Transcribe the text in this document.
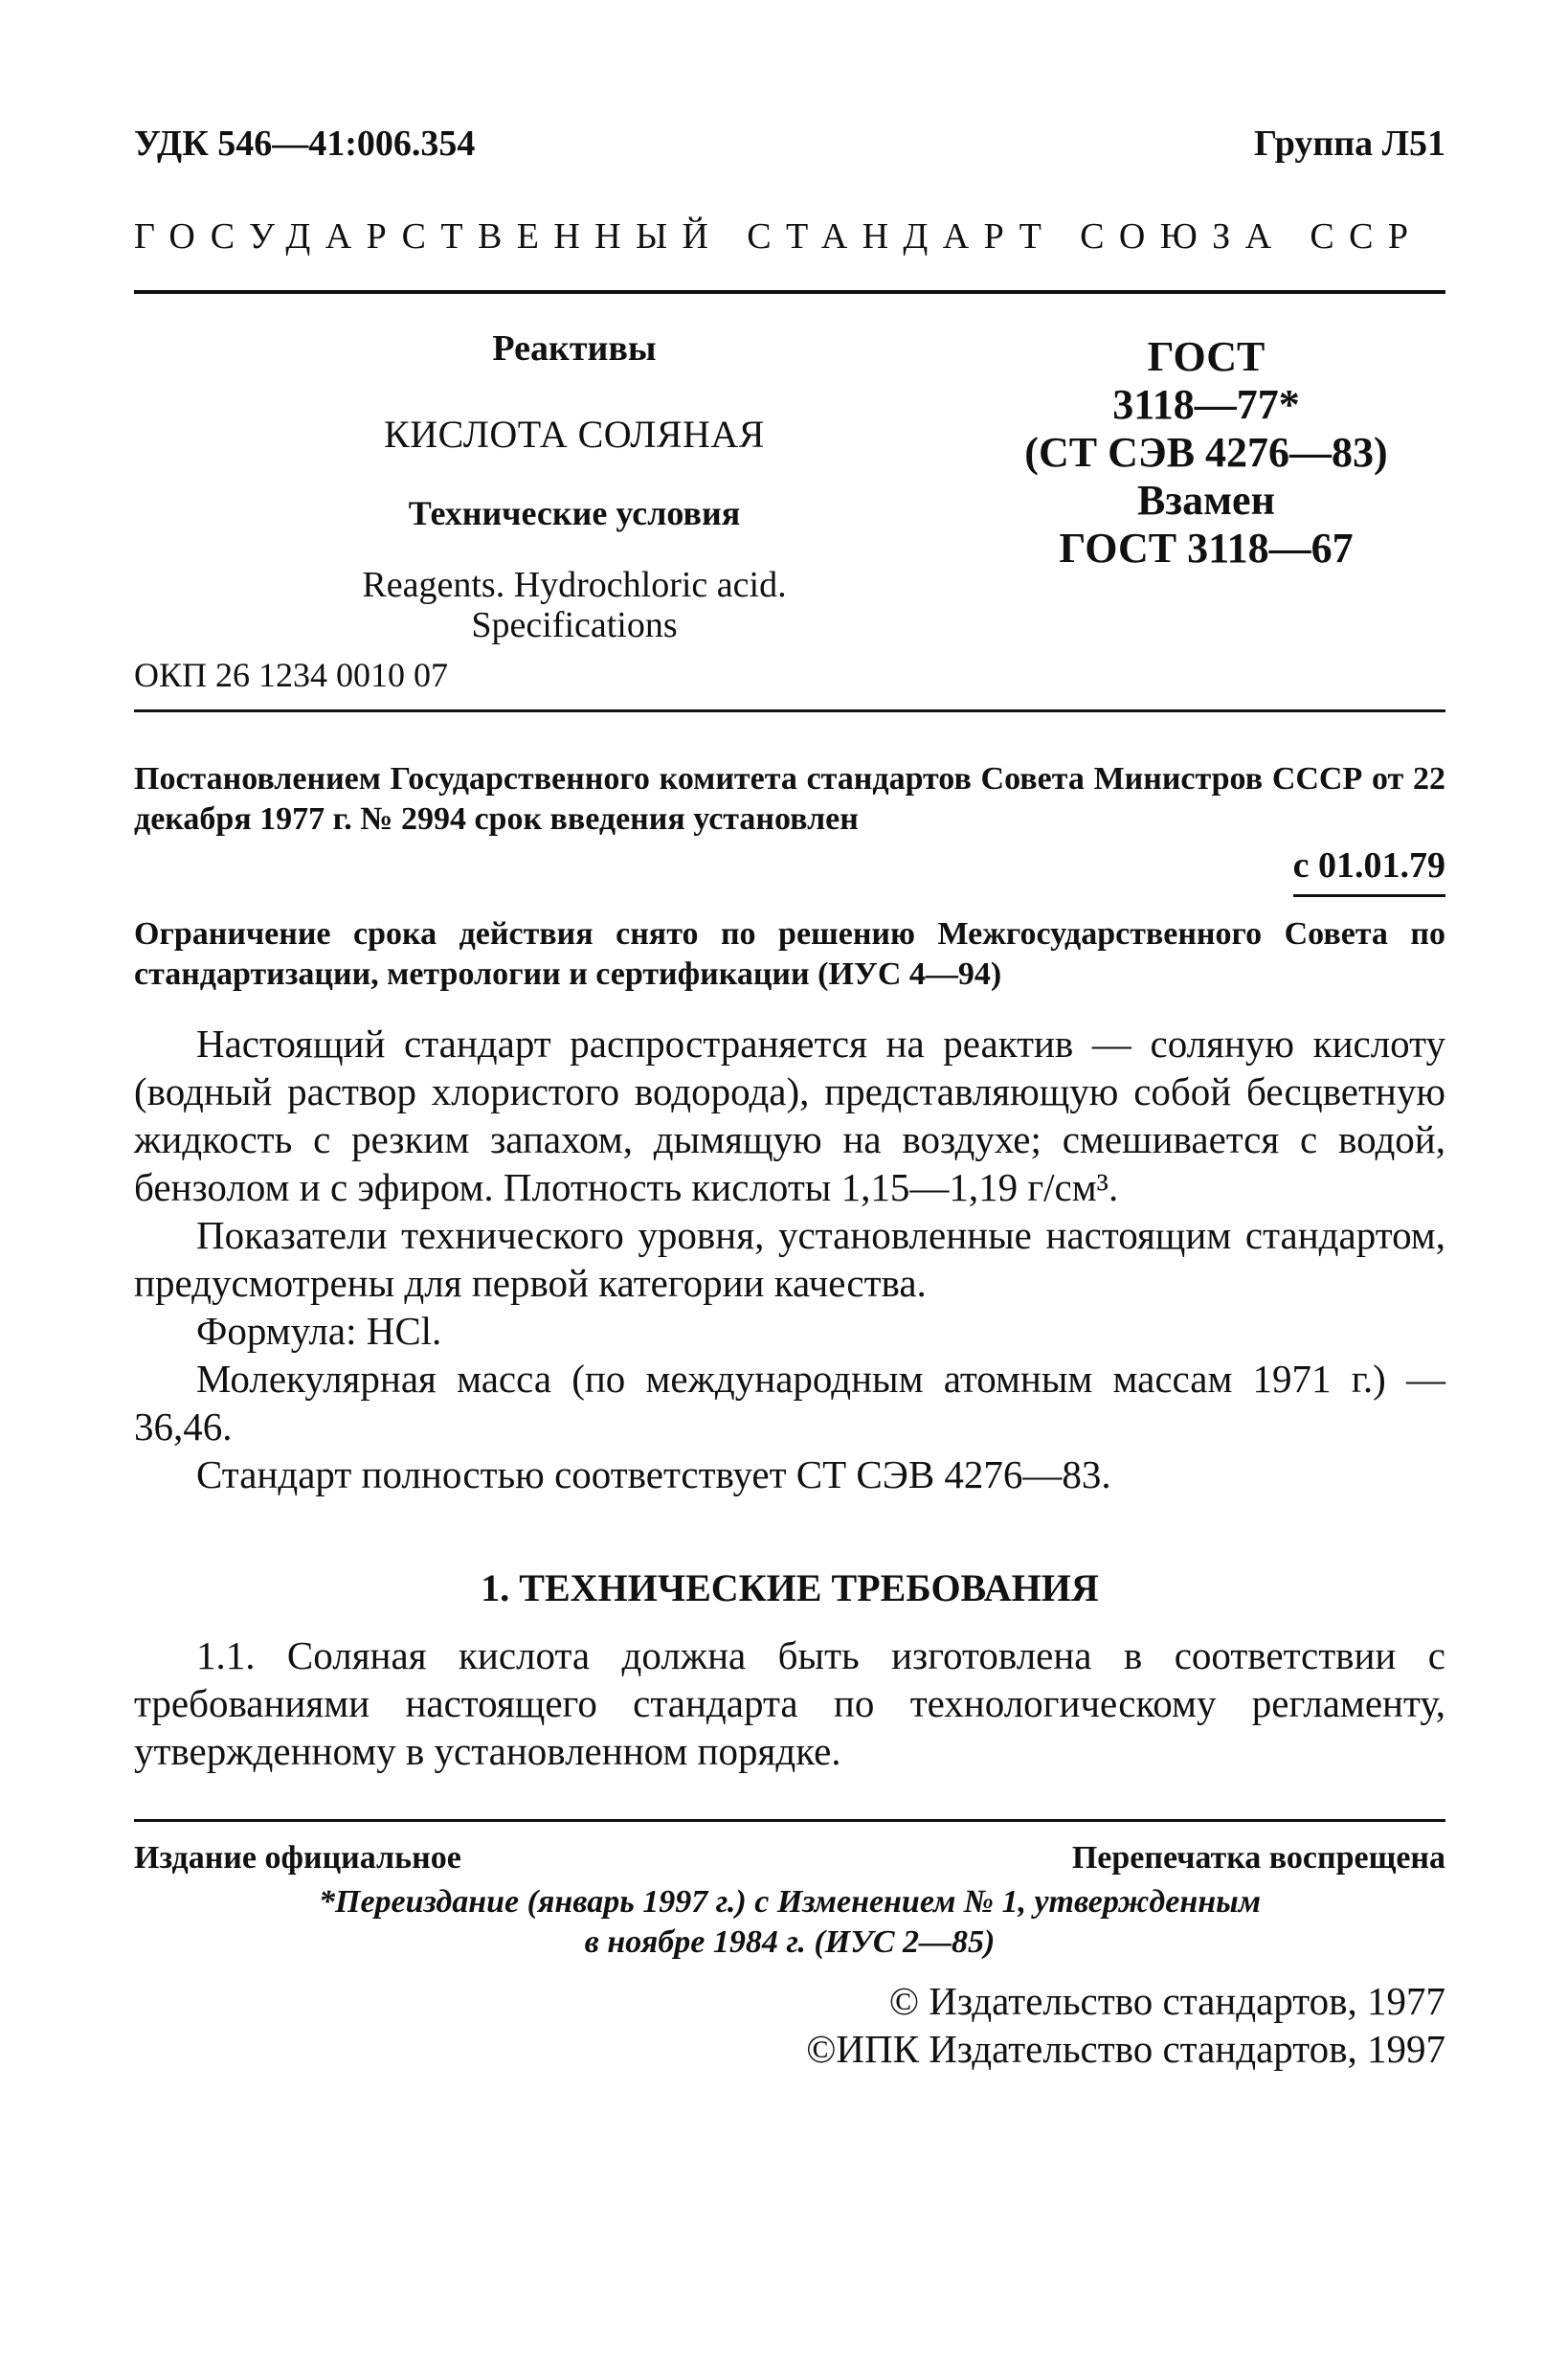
УДК 546—41:006.354	Группа Л51
ГОСУДАРСТВЕННЫЙ СТАНДАРТ СОЮЗА ССР
Реактивы
КИСЛОТА СОЛЯНАЯ
Технические условия
Reagents. Hydrochloric acid.
Specifications
ГОСТ
3118—77*
(СТ СЭВ 4276—83)
Взамен
ГОСТ 3118—67
ОКП 26 1234 0010 07
Постановлением Государственного комитета стандартов Совета Министров СССР от 22 декабря 1977 г. № 2994 срок введения установлен
с 01.01.79
Ограничение срока действия снято по решению Межгосударственного Совета по стандартизации, метрологии и сертификации (ИУС 4—94)

Настоящий стандарт распространяется на реактив — соляную кислоту (водный раствор хлористого водорода), представляющую собой бесцветную жидкость с резким запахом, дымящую на воздухе; смешивается с водой, бензолом и с эфиром. Плотность кислоты 1,15—1,19 г/см³.

Показатели технического уровня, установленные настоящим стандартом, предусмотрены для первой категории качества.

Формула: HCl.

Молекулярная масса (по международным атомным массам 1971 г.) — 36,46.

Стандарт полностью соответствует СТ СЭВ 4276—83.

1. ТЕХНИЧЕСКИЕ ТРЕБОВАНИЯ
1.1. Соляная кислота должна быть изготовлена в соответствии с требованиями настоящего стандарта по технологическому регламенту, утвержденному в установленном порядке.
Издание официальное	Перепечатка воспрещена
*Переиздание (январь 1997 г.) с Изменением № 1, утвержденным
в ноябре 1984 г. (ИУС 2—85)
© Издательство стандартов, 1977
©ИПК Издательство стандартов, 1997
